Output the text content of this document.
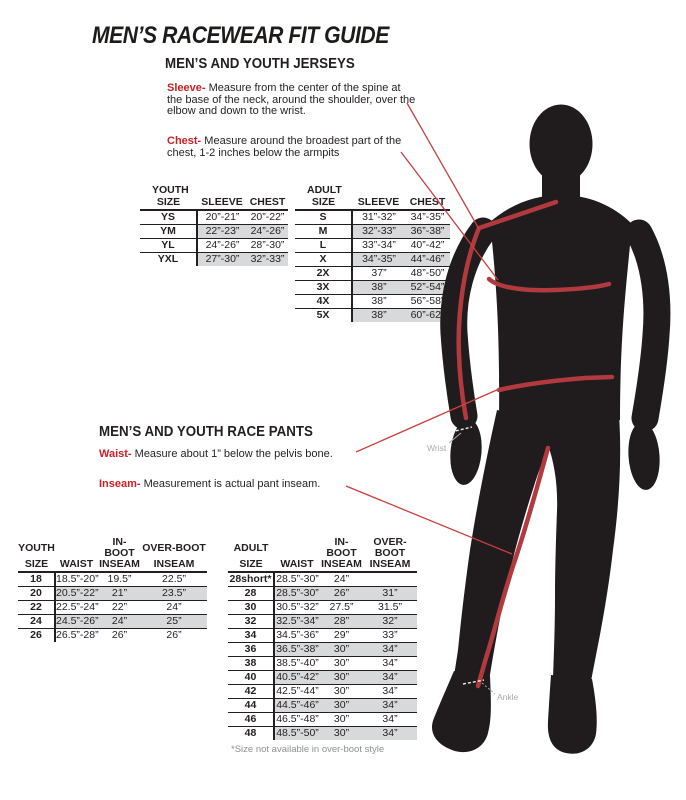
MEN’S RACEWEAR FIT GUIDE
MEN’S AND YOUTH JERSEYS
Sleeve- Measure from the center of the spine at the base of the neck, around the shoulder, over the elbow and down to the wrist.
Chest- Measure around the broadest part of the chest, 1-2 inches below the armpits
YOUTH
SIZE	SLEEVE	CHEST
YS	20”-21”	20”-22”
YM	22”-23”	24”-26”
YL	24”-26”	28”-30”
YXL	27”-30”	32”-33”
ADULT
SIZE	SLEEVE	CHEST
S	31”-32”	34”-35”
M	32”-33”	36”-38”
L	33”-34”	40”-42”
X	34”-35”	44”-46”
2X	37”	48”-50”
3X	38”	52”-54”
4X	38”	56”-58”
5X	38”	60”-62”
MEN’S AND YOUTH RACE PANTS
Waist- Measure about 1” below the pelvis bone.
Inseam- Measurement is actual pant inseam.
YOUTH		IN-BOOT	OVER-BOOT
SIZE	WAIST	INSEAM	INSEAM
18	18.5”-20”	19.5”	22.5”
20	20.5”-22”	21”	23.5”
22	22.5”-24”	22”	24”
24	24.5”-26”	24”	25”
26	26.5”-28”	26”	26”
ADULT		IN-BOOT	OVER-BOOT
SIZE	WAIST	INSEAM	INSEAM
28short*	28.5”-30”	24”	
28	28.5”-30”	26”	31”
30	30.5”-32”	27.5”	31.5”
32	32.5”-34”	28”	32”
34	34.5”-36”	29”	33”
36	36.5”-38”	30”	34”
38	38.5”-40”	30”	34”
40	40.5”-42”	30”	34”
42	42.5”-44”	30”	34”
44	44.5”-46”	30”	34”
46	46.5”-48”	30”	34”
48	48.5”-50”	30”	34”
*Size not available in over-boot style
Wrist
Ankle
